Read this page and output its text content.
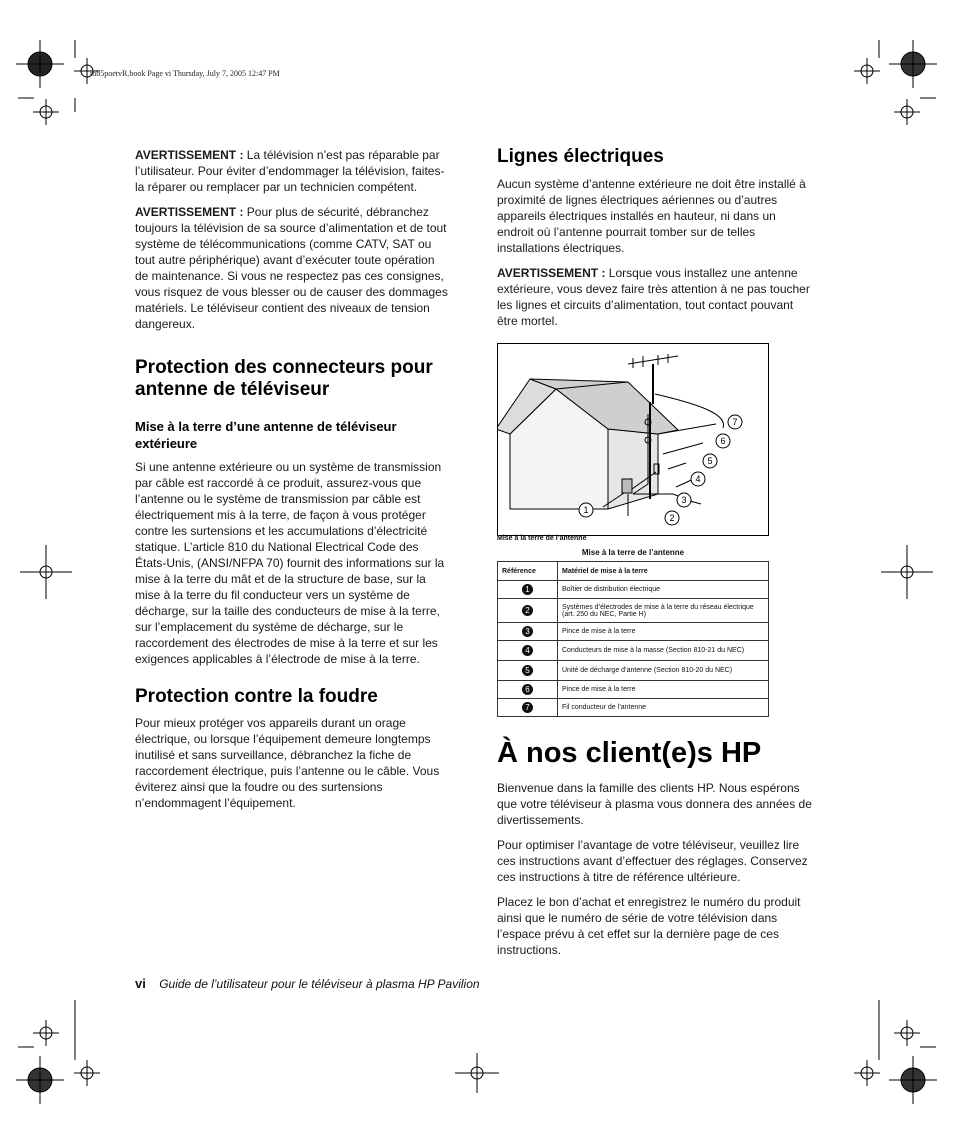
mb5poetvR.book Page vi Thursday, July 7, 2005 12:47 PM

AVERTISSEMENT : La télévision n’est pas réparable par l’utilisateur. Pour éviter d’endommager la télévision, faites-la réparer ou remplacer par un technicien compétent.

AVERTISSEMENT : Pour plus de sécurité, débranchez toujours la télévision de sa source d’alimentation et de tout système de télécommunications (comme CATV, SAT ou tout autre périphérique) avant d’exécuter toute opération de maintenance. Si vous ne respectez pas ces consignes, vous risquez de vous blesser ou de causer des dommages matériels. Le téléviseur contient des niveaux de tension dangereux.

Protection des connecteurs pour antenne de téléviseur
Mise à la terre d’une antenne de téléviseur extérieure

Si une antenne extérieure ou un système de transmission par câble est raccordé à ce produit, assurez-vous que l’antenne ou le système de transmission par câble est électriquement mis à la terre, de façon à vous protéger contre les surtensions et les accumulations d’électricité statique. L’article 810 du National Electrical Code des États-Unis, (ANSI/NFPA 70) fournit des informations sur la mise à la terre du mât et de la structure de base, sur la mise à la terre du fil conducteur vers un système de décharge, sur la taille des conducteurs de mise à la terre, sur l’emplacement du système de décharge, sur le raccordement des électrodes de mise à la terre et sur les exigences applicables à l’électrode de mise à la terre.

Protection contre la foudre

Pour mieux protéger vos appareils durant un orage électrique, ou lorsque l’équipement demeure longtemps inutilisé et sans surveillance, débranchez la fiche de raccordement électrique, puis l’antenne ou le câble. Vous éviterez ainsi que la foudre ou des surtensions n’endommagent l’équipement.

Lignes électriques

Aucun système d’antenne extérieure ne doit être installé à proximité de lignes électriques aériennes ou d’autres appareils électriques installés en hauteur, ni dans un endroit où l’antenne pourrait tomber sur de telles installations électriques.

AVERTISSEMENT : Lorsque vous installez une antenne extérieure, vous devez faire très attention à ne pas toucher les lignes et circuits d’alimentation, tout contact pouvant être mortel.

7
6
5
4
3
2
1
Mise à la terre de l’antenne
Mise à la terre de l’antenne
Référence	Matériel de mise à la terre
1	Boîtier de distribution électrique
2	Systèmes d’électrodes de mise à la terre du réseau électrique (art. 250 du NEC, Partie H)
3	Pince de mise à la terre
4	Conducteurs de mise à la masse (Section 810-21 du NEC)
5	Unité de décharge d’antenne (Section 810-20 du NEC)
6	Pince de mise à la terre
7	Fil conducteur de l’antenne
À nos client(e)s HP

Bienvenue dans la famille des clients HP. Nous espérons que votre téléviseur à plasma vous donnera des années de divertissements.

Pour optimiser l’avantage de votre téléviseur, veuillez lire ces instructions avant d’effectuer des réglages. Conservez ces instructions à titre de référence ultérieure.

Placez le bon d’achat et enregistrez le numéro du produit ainsi que le numéro de série de votre télévision dans l’espace prévu à cet effet sur la dernière page de ces instructions.

vi Guide de l’utilisateur pour le téléviseur à plasma HP Pavilion
